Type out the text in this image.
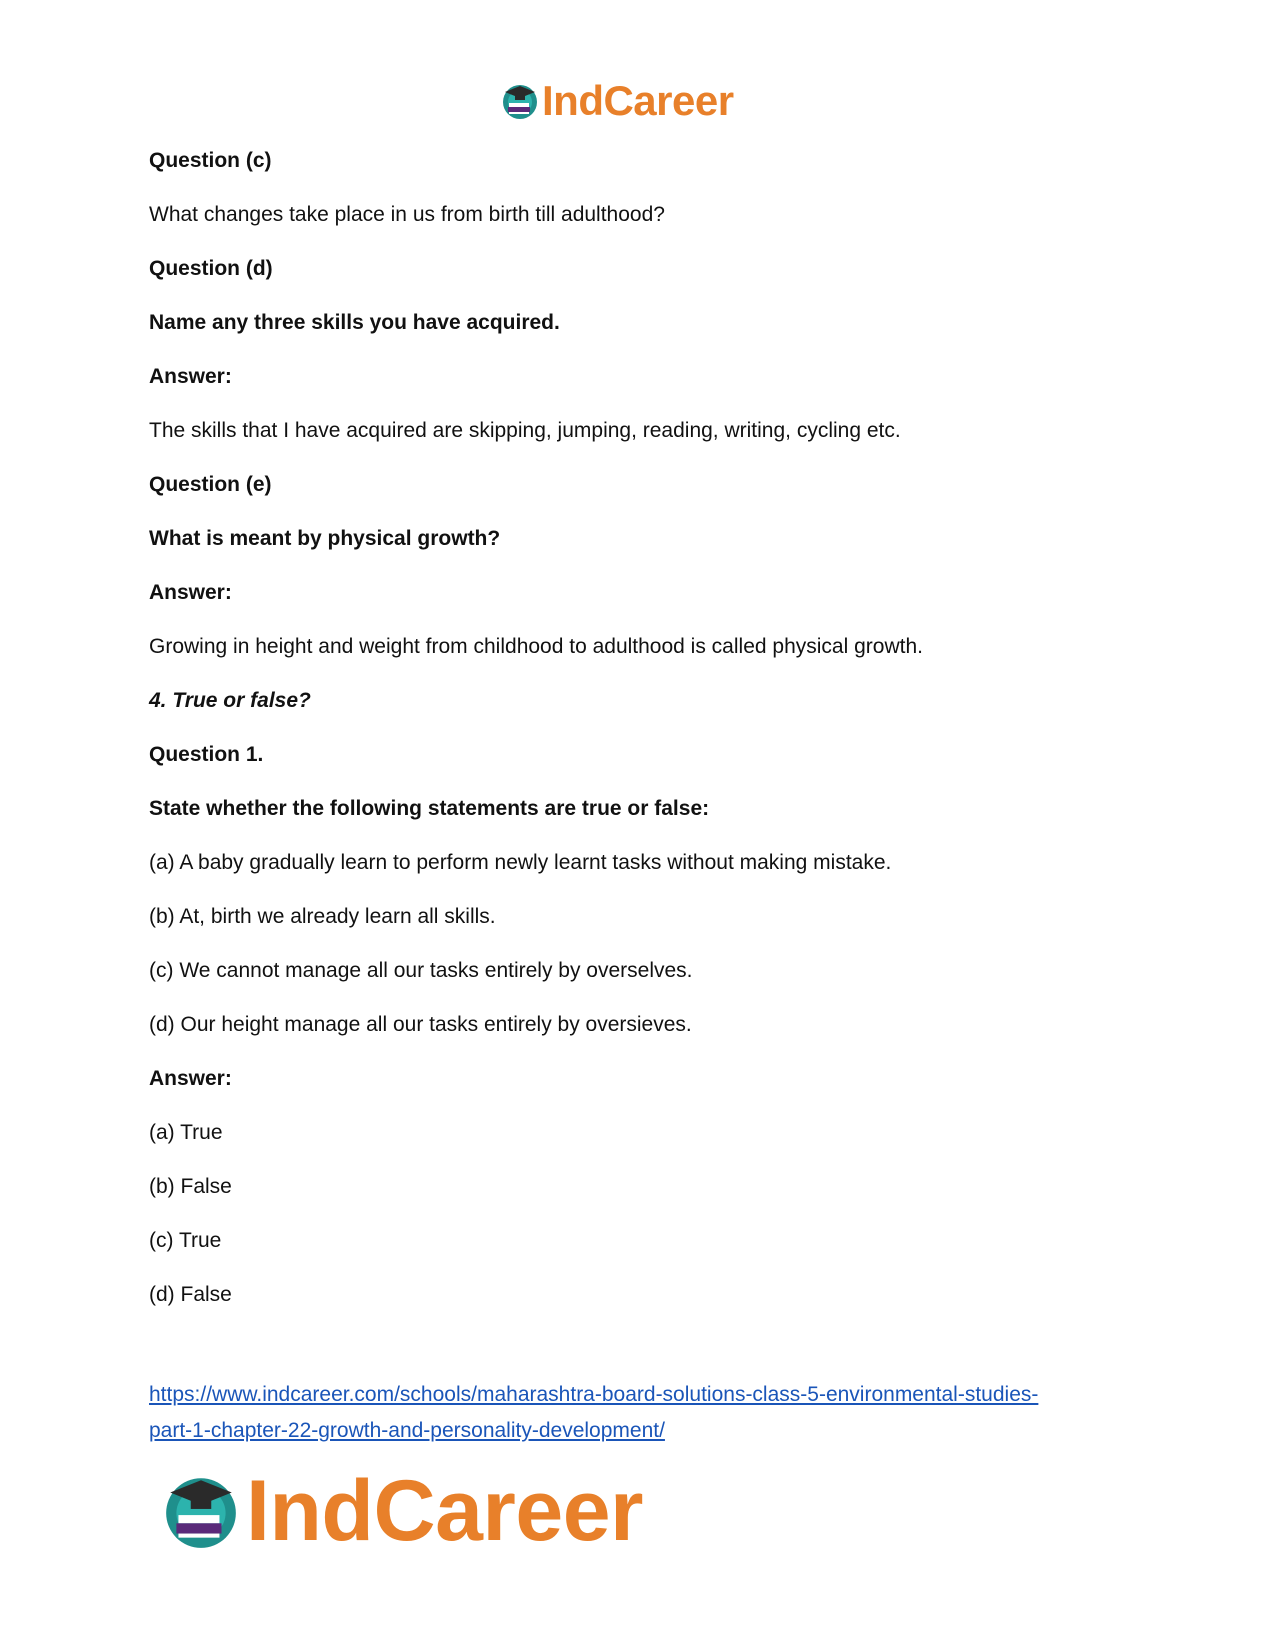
IndCareer

Question (c)

What changes take place in us from birth till adulthood?

Question (d)

Name any three skills you have acquired.

Answer:

The skills that I have acquired are skipping, jumping, reading, writing, cycling etc.

Question (e)

What is meant by physical growth?

Answer:

Growing in height and weight from childhood to adulthood is called physical growth.

4. True or false?

Question 1.

State whether the following statements are true or false:

(a) A baby gradually learn to perform newly learnt tasks without making mistake.

(b) At, birth we already learn all skills.

(c) We cannot manage all our tasks entirely by overselves.

(d) Our height manage all our tasks entirely by oversieves.

Answer:

(a) True

(b) False

(c) True

(d) False

https://www.indcareer.com/schools/maharashtra-board-solutions-class-5-environmental-studies-
part-1-chapter-22-growth-and-personality-development/
IndCareer
